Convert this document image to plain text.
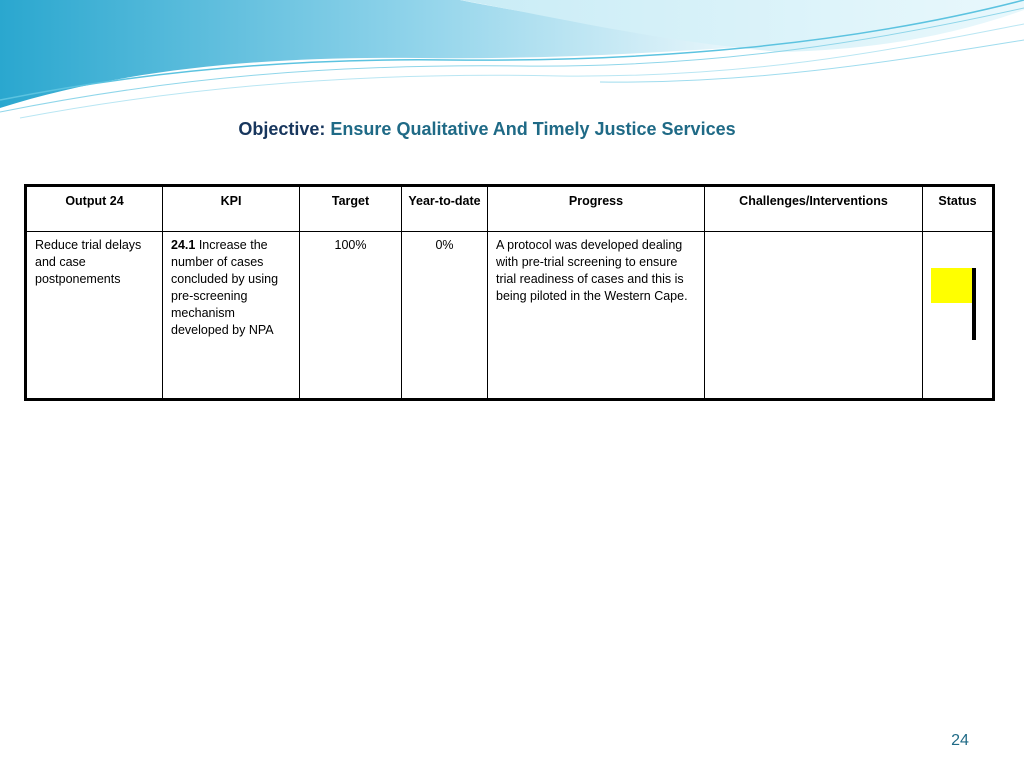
Objective: Ensure Qualitative And Timely Justice Services
Output 24	KPI	Target	Year-to-date	Progress	Challenges/Interventions	Status
Reduce trial delays and case postponements	24.1 Increase the number of cases concluded by using pre-screening mechanism developed by NPA	100%	0%	A protocol was developed dealing with pre-trial screening to ensure trial readiness of cases and this is being piloted in the Western Cape.		
24
